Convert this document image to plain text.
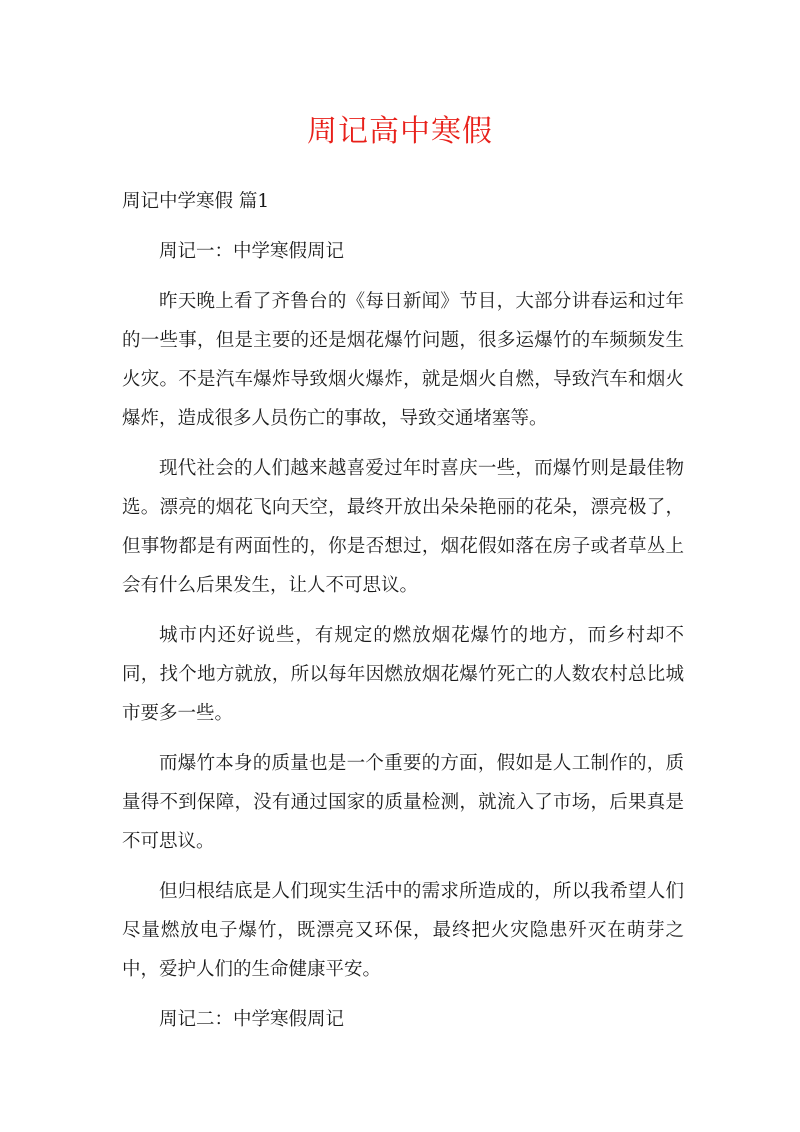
周记高中寒假

周记中学寒假 篇1

周记一：中学寒假周记

昨天晚上看了齐鲁台的《每日新闻》节目，大部分讲春运和过年的一些事，但是主要的还是烟花爆竹问题，很多运爆竹的车频频发生火灾。不是汽车爆炸导致烟火爆炸，就是烟火自燃，导致汽车和烟火爆炸，造成很多人员伤亡的事故，导致交通堵塞等。

现代社会的人们越来越喜爱过年时喜庆一些，而爆竹则是最佳物选。漂亮的烟花飞向天空，最终开放出朵朵艳丽的花朵，漂亮极了，但事物都是有两面性的，你是否想过，烟花假如落在房子或者草丛上会有什么后果发生，让人不可思议。

城市内还好说些，有规定的燃放烟花爆竹的地方，而乡村却不同，找个地方就放，所以每年因燃放烟花爆竹死亡的人数农村总比城市要多一些。

而爆竹本身的质量也是一个重要的方面，假如是人工制作的，质量得不到保障，没有通过国家的质量检测，就流入了市场，后果真是不可思议。

但归根结底是人们现实生活中的需求所造成的，所以我希望人们尽量燃放电子爆竹，既漂亮又环保，最终把火灾隐患歼灭在萌芽之中，爱护人们的生命健康平安。

周记二：中学寒假周记
